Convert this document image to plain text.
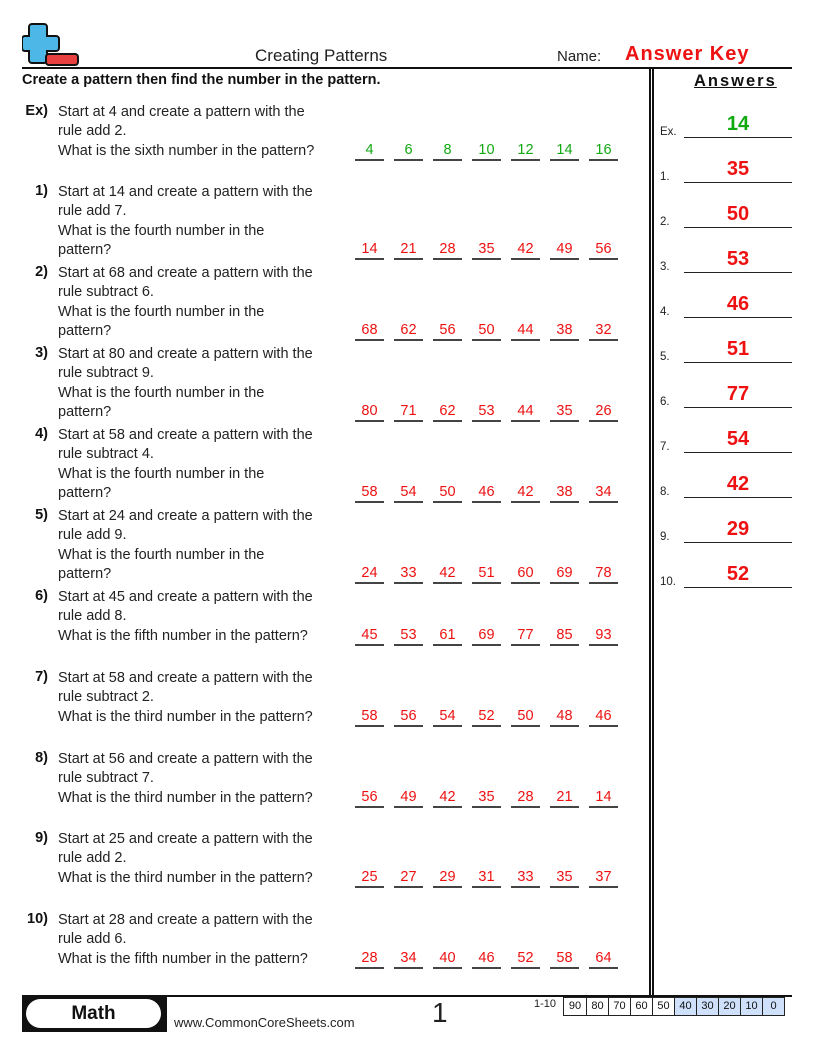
Creating Patterns	Name: Answer Key
Create a pattern then find the number in the pattern.	Answers
Ex) Start at 4 and create a pattern with the
rule add 2.
What is the sixth number in the pattern?	4	6	8	10	12	14	16
1) Start at 14 and create a pattern with the
rule add 7.
What is the fourth number in the
pattern?	14	21	28	35	42	49	56
2) Start at 68 and create a pattern with the
rule subtract 6.
What is the fourth number in the
pattern?	68	62	56	50	44	38	32
3) Start at 80 and create a pattern with the
rule subtract 9.
What is the fourth number in the
pattern?	80	71	62	53	44	35	26
4) Start at 58 and create a pattern with the
rule subtract 4.
What is the fourth number in the
pattern?	58	54	50	46	42	38	34
5) Start at 24 and create a pattern with the
rule add 9.
What is the fourth number in the
pattern?	24	33	42	51	60	69	78
6) Start at 45 and create a pattern with the
rule add 8.
What is the fifth number in the pattern?	45	53	61	69	77	85	93
7) Start at 58 and create a pattern with the
rule subtract 2.
What is the third number in the pattern?	58	56	54	52	50	48	46
8) Start at 56 and create a pattern with the
rule subtract 7.
What is the third number in the pattern?	56	49	42	35	28	21	14
9) Start at 25 and create a pattern with the
rule add 2.
What is the third number in the pattern?	25	27	29	31	33	35	37
10) Start at 28 and create a pattern with the
rule add 6.
What is the fifth number in the pattern?	28	34	40	46	52	58	64
Ex.	14
1.	35
2.	50
3.	53
4.	46
5.	51
6.	77
7.	54
8.	42
9.	29
10.	52
Math	www.CommonCoreSheets.com	1	1-10	90 80 70 60 50 40 30 20 10	0
